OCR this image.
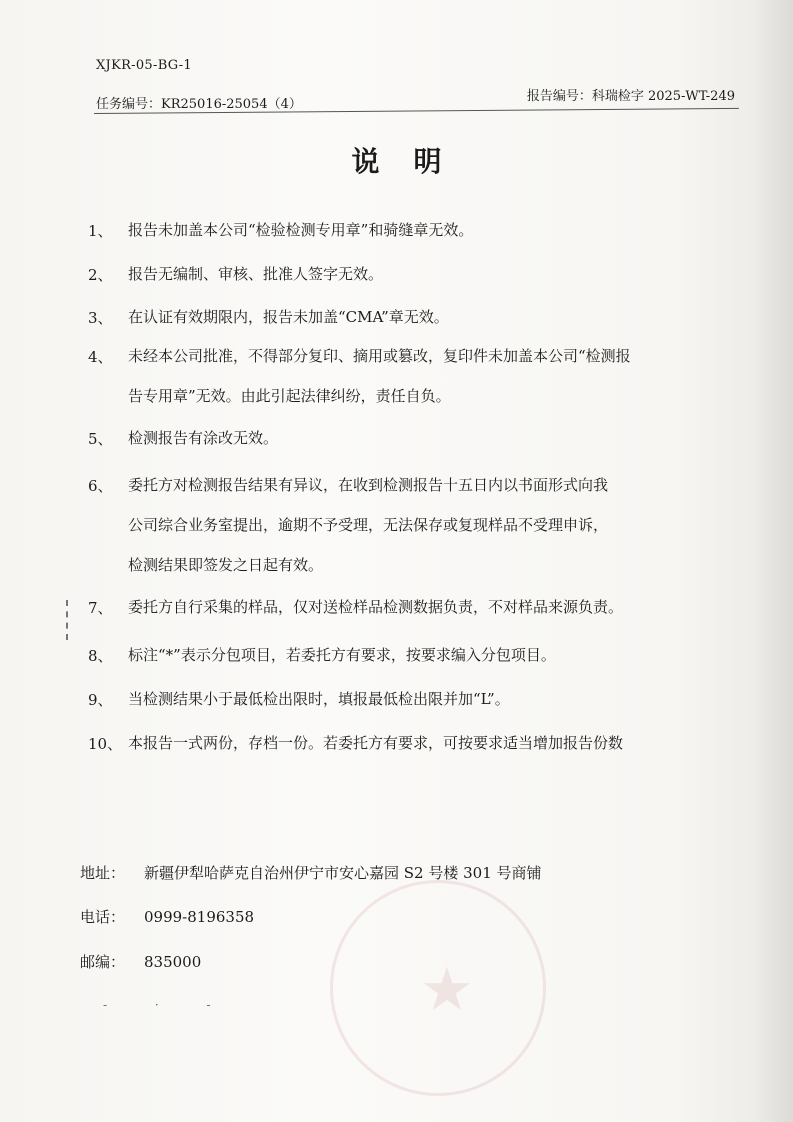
XJKR-05-BG-1
任务编号：KR25016-25054（4）
报告编号：科瑞检字 2025-WT-249
说明
1、	报告未加盖本公司“检验检测专用章”和骑缝章无效。
2、	报告无编制、审核、批准人签字无效。
3、	在认证有效期限内，报告未加盖“CMA”章无效。
4、	未经本公司批准，不得部分复印、摘用或篡改，复印件未加盖本公司“检测报
告专用章”无效。由此引起法律纠纷，责任自负。
5、	检测报告有涂改无效。
6、	委托方对检测报告结果有异议，在收到检测报告十五日内以书面形式向我
公司综合业务室提出，逾期不予受理，无法保存或复现样品不受理申诉，
检测结果即签发之日起有效。
7、	委托方自行采集的样品，仅对送检样品检测数据负责，不对样品来源负责。
8、	标注“*”表示分包项目，若委托方有要求，按要求编入分包项目。
9、	当检测结果小于最低检出限时，填报最低检出限并加“L”。
10、 本报告一式两份，存档一份。若委托方有要求，可按要求适当增加报告份数
地址： 新疆伊犁哈萨克自治州伊宁市安心嘉园 S2 号楼 301 号商铺
电话： 0999-8196358
邮编： 835000	★
- · -
